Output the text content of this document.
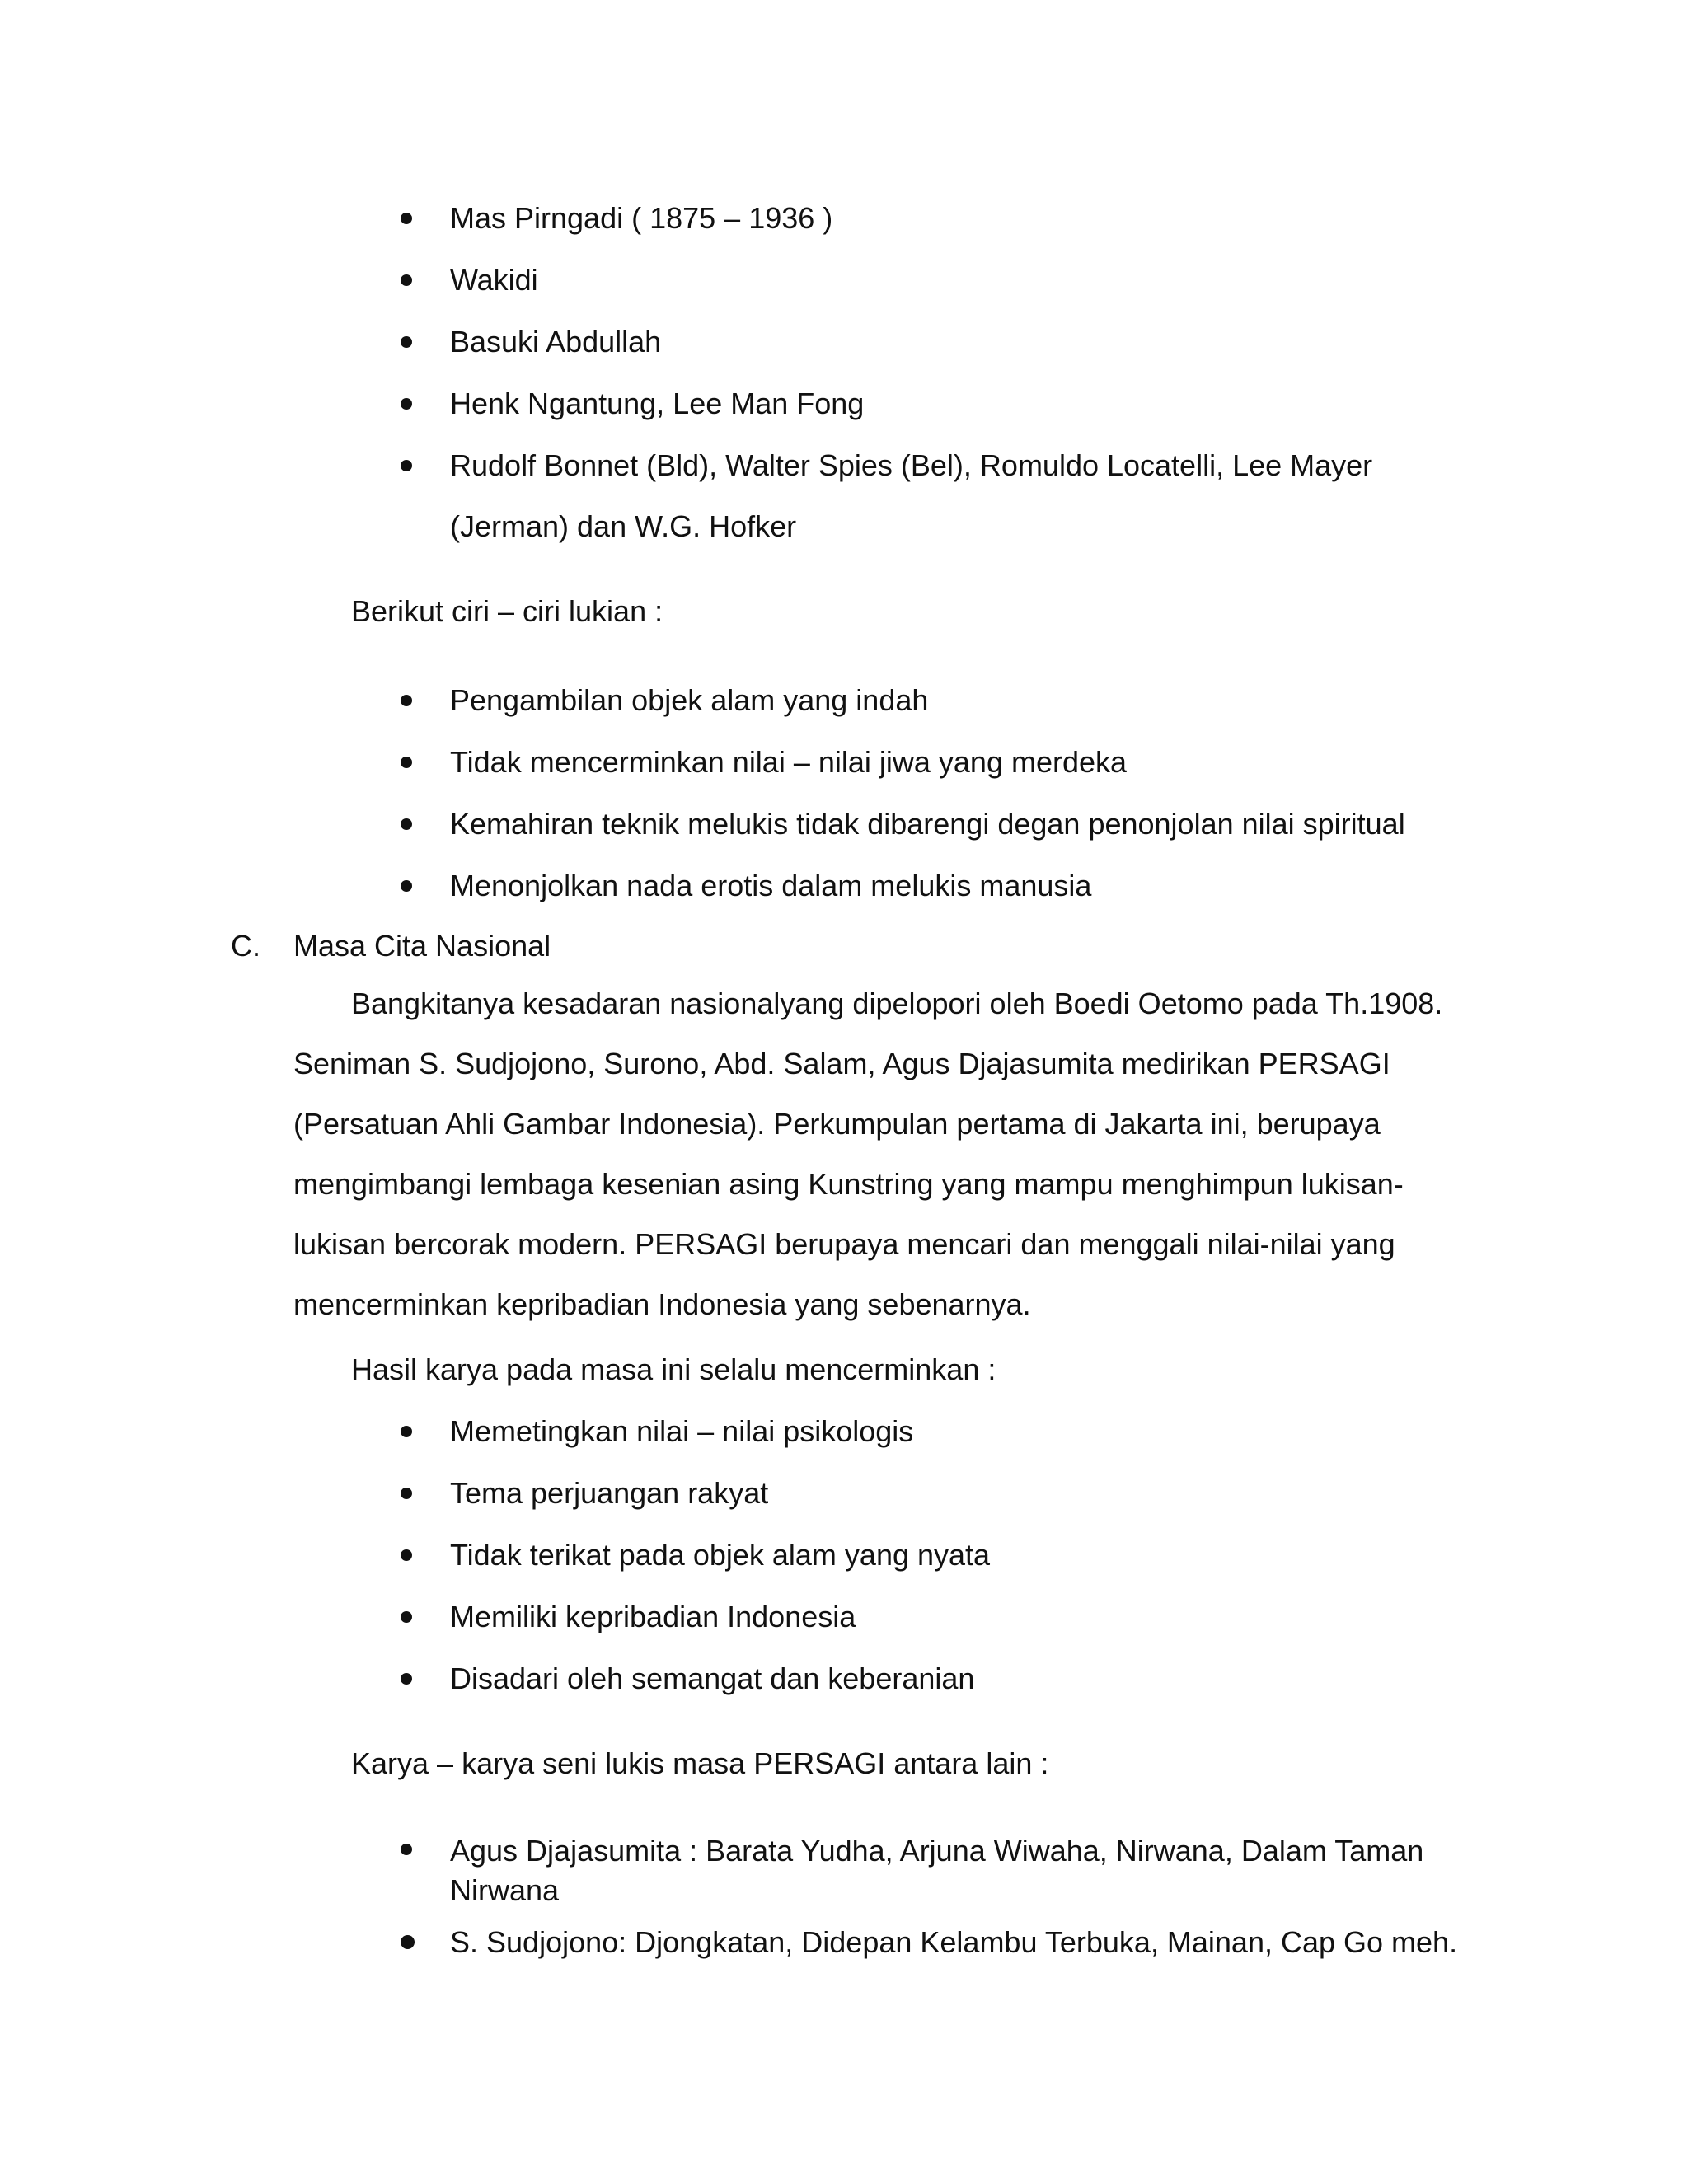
Mas Pirngadi ( 1875 – 1936 )
Wakidi
Basuki Abdullah
Henk Ngantung, Lee Man Fong
Rudolf Bonnet (Bld), Walter Spies (Bel), Romuldo Locatelli, Lee Mayer
(Jerman) dan W.G. Hofker
Berikut ciri – ciri lukian :
Pengambilan objek alam yang indah
Tidak mencerminkan nilai – nilai jiwa yang merdeka
Kemahiran teknik melukis tidak dibarengi degan penonjolan nilai spiritual
Menonjolkan nada erotis dalam melukis manusia
C. Masa Cita Nasional
Bangkitanya kesadaran nasionalyang dipelopori oleh Boedi Oetomo pada Th.1908. Seniman S. Sudjojono, Surono, Abd. Salam, Agus Djajasumita medirikan PERSAGI (Persatuan Ahli Gambar Indonesia). Perkumpulan pertama di Jakarta ini, berupaya mengimbangi lembaga kesenian asing Kunstring yang mampu menghimpun lukisan-lukisan bercorak modern. PERSAGI berupaya mencari dan menggali nilai-nilai yang mencerminkan kepribadian Indonesia yang sebenarnya.
Hasil karya pada masa ini selalu mencerminkan :
Memetingkan nilai – nilai psikologis
Tema perjuangan rakyat
Tidak terikat pada objek alam yang nyata
Memiliki kepribadian Indonesia
Disadari oleh semangat dan keberanian
Karya – karya seni lukis masa PERSAGI antara lain :
Agus Djajasumita : Barata Yudha, Arjuna Wiwaha, Nirwana, Dalam Taman Nirwana
S. Sudjojono: Djongkatan, Didepan Kelambu Terbuka, Mainan, Cap Go meh.
